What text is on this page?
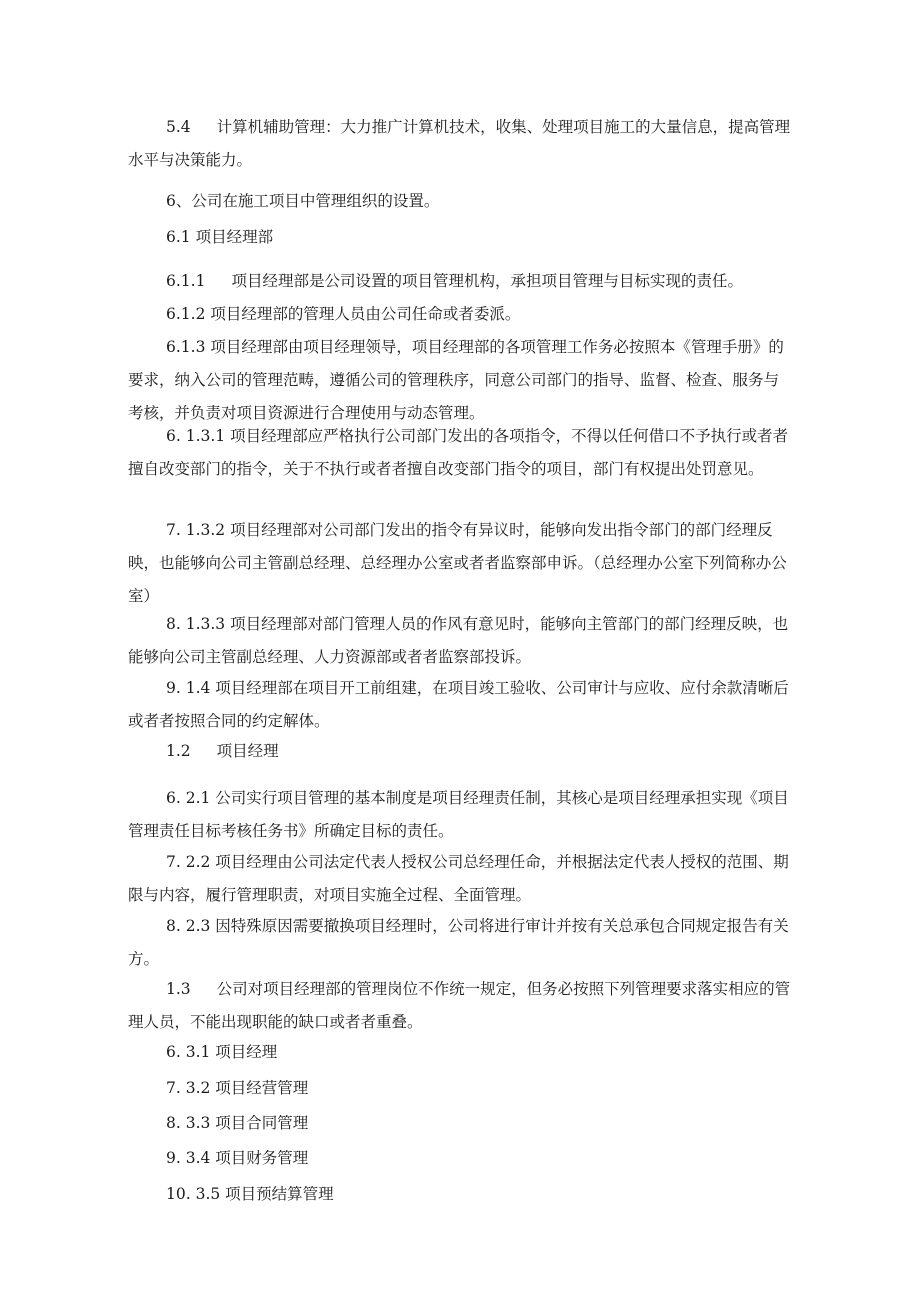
5.4 计算机辅助管理：大力推广计算机技术，收集、处理项目施工的大量信息，提高管理水平与决策能力。

6、公司在施工项目中管理组织的设置。

6.1 项目经理部

6.1.1 项目经理部是公司设置的项目管理机构，承担项目管理与目标实现的责任。

6.1.2 项目经理部的管理人员由公司任命或者委派。

6.1.3 项目经理部由项目经理领导，项目经理部的各项管理工作务必按照本《管理手册》的要求，纳入公司的管理范畴，遵循公司的管理秩序，同意公司部门的指导、监督、检查、服务与考核，并负责对项目资源进行合理使用与动态管理。

6. 1.3.1 项目经理部应严格执行公司部门发出的各项指令，不得以任何借口不予执行或者者擅自改变部门的指令，关于不执行或者者擅自改变部门指令的项目，部门有权提出处罚意见。

7. 1.3.2 项目经理部对公司部门发出的指令有异议时，能够向发出指令部门的部门经理反映，也能够向公司主管副总经理、总经理办公室或者者监察部申诉。（总经理办公室下列简称办公室）

8. 1.3.3 项目经理部对部门管理人员的作风有意见时，能够向主管部门的部门经理反映，也能够向公司主管副总经理、人力资源部或者者监察部投诉。

9. 1.4 项目经理部在项目开工前组建，在项目竣工验收、公司审计与应收、应付余款清晰后或者者按照合同的约定解体。

1.2 项目经理

6. 2.1 公司实行项目管理的基本制度是项目经理责任制，其核心是项目经理承担实现《项目管理责任目标考核任务书》所确定目标的责任。

7. 2.2 项目经理由公司法定代表人授权公司总经理任命，并根据法定代表人授权的范围、期限与内容，履行管理职责，对项目实施全过程、全面管理。

8. 2.3 因特殊原因需要撤换项目经理时，公司将进行审计并按有关总承包合同规定报告有关方。

1.3 公司对项目经理部的管理岗位不作统一规定，但务必按照下列管理要求落实相应的管理人员，不能出现职能的缺口或者者重叠。

6. 3.1 项目经理

7. 3.2 项目经营管理

8. 3.3 项目合同管理

9. 3.4 项目财务管理

10. 3.5 项目预结算管理
